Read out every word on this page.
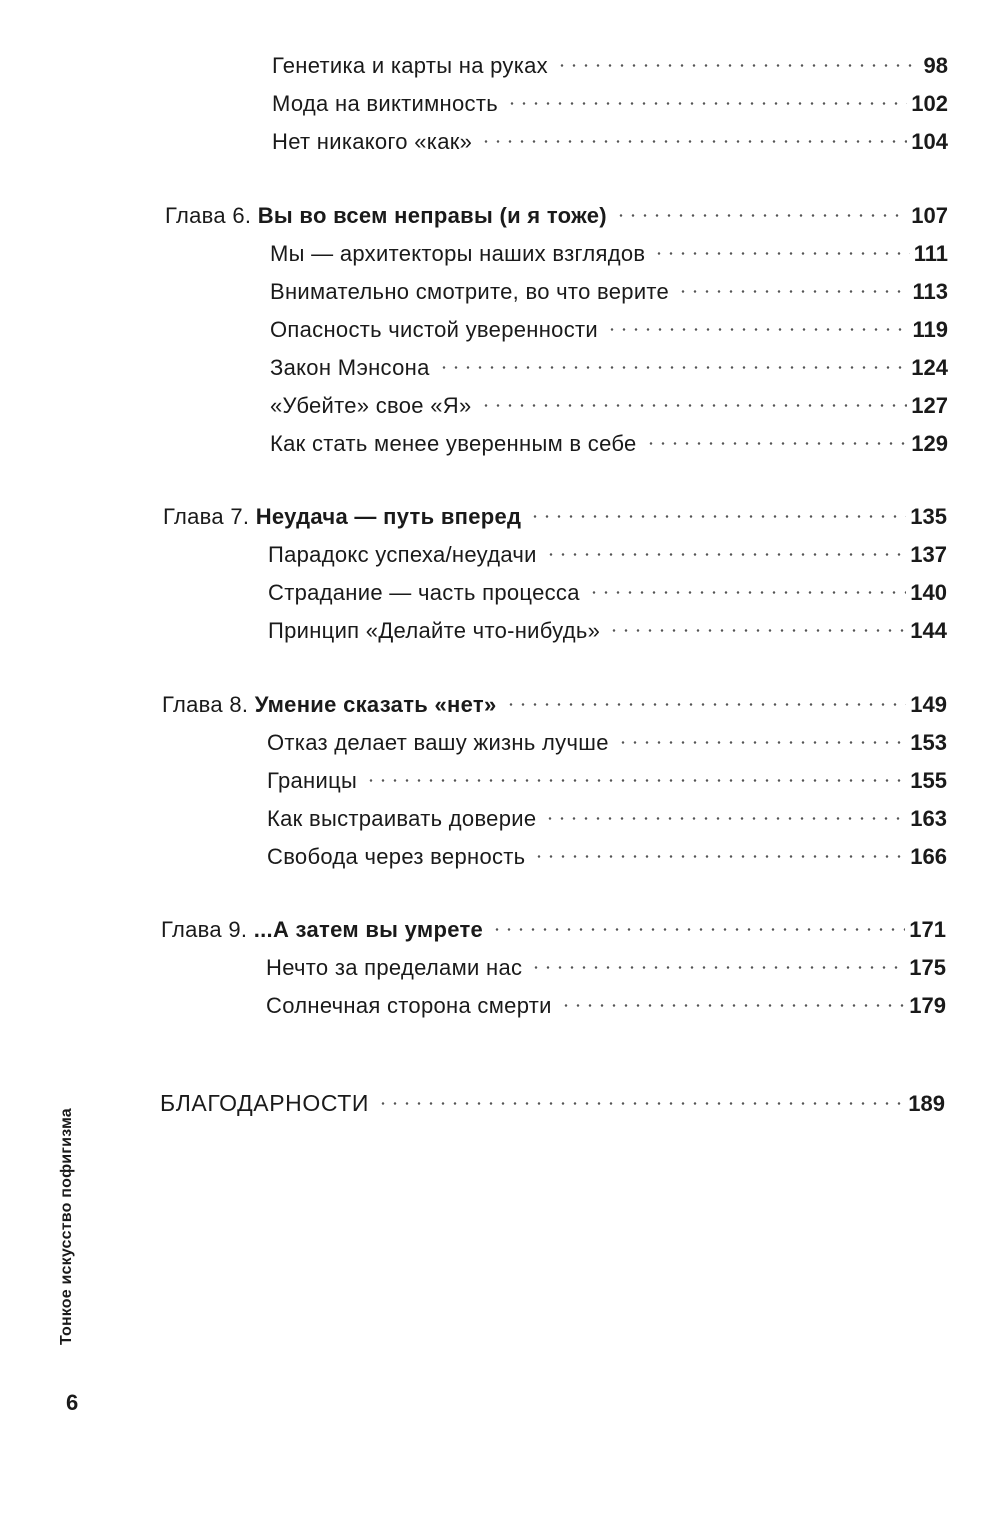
Генетика и карты на руках	98
Мода на виктимность	102
Нет никакого «как»	104
Глава 6. Вы во всем неправы (и я тоже)	107
Мы — архитекторы наших взглядов	111
Внимательно смотрите, во что верите	113
Опасность чистой уверенности	119
Закон Мэнсона	124
«Убейте» свое «Я»	127
Как стать менее уверенным в себе	129
Глава 7. Неудача — путь вперед	135
Парадокс успеха/неудачи	137
Страдание — часть процесса	140
Принцип «Делайте что-нибудь»	144
Глава 8. Умение сказать «нет»	149
Отказ делает вашу жизнь лучше	153
Границы	155
Как выстраивать доверие	163
Свобода через верность	166
Глава 9. ...А затем вы умрете	171
Нечто за пределами нас	175
Солнечная сторона смерти	179
БЛАГОДАРНОСТИ	189
Тонкое искусство пофигизма
6
